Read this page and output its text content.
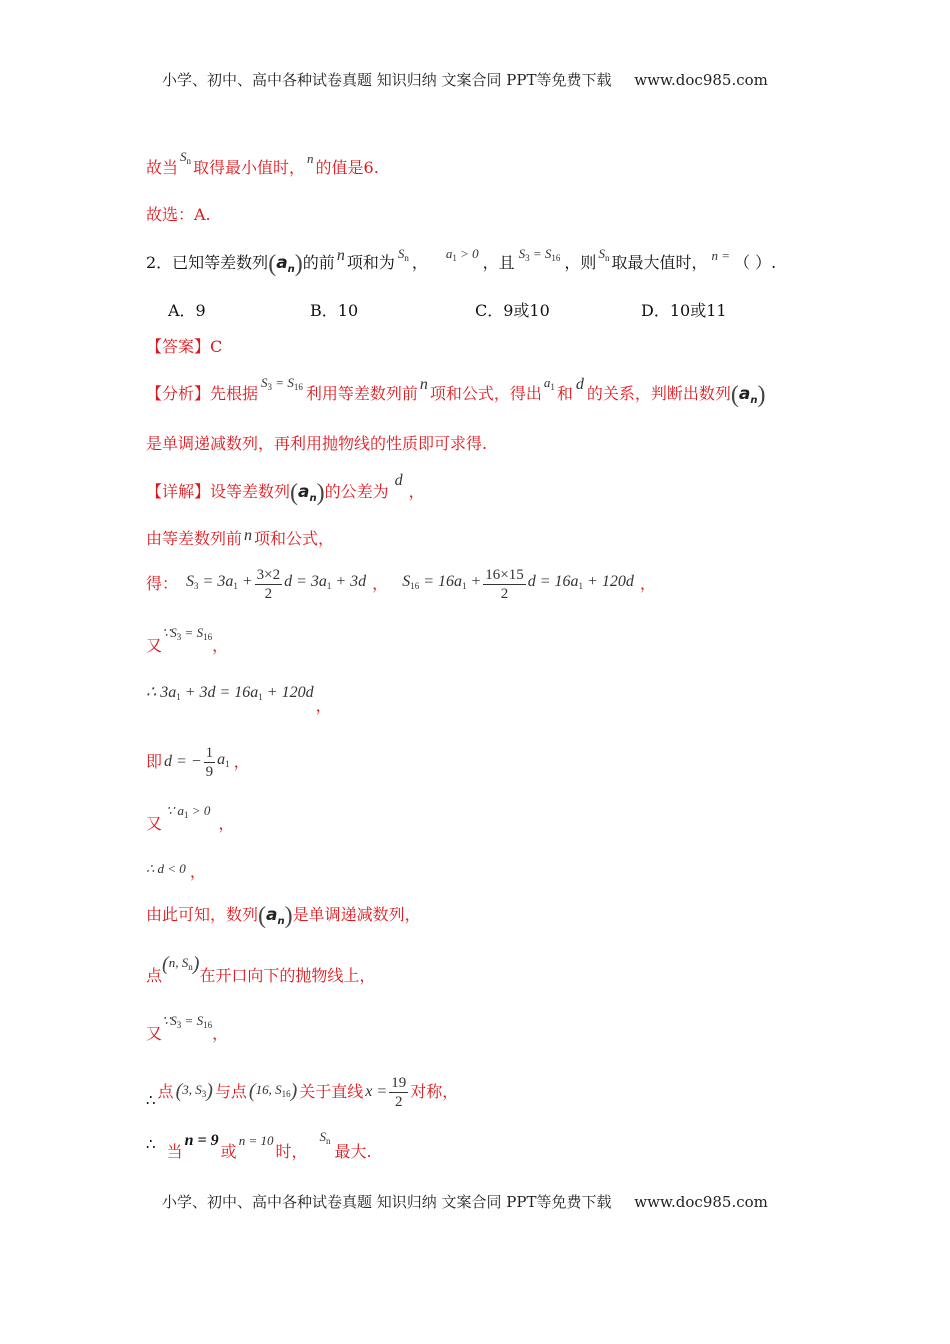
小学、初中、高中各种试卷真题 知识归纳 文案合同 PPT等免费下载 www.doc985.com
故当$^{S_n}$ 取得最小值时， $^n$ 的值是6.
故选：A.
2．已知等差数列$(a_n)$的前 n 项和为 $^{S_n}$ ， $^{a_1 > 0}$ ，且 $^{S_3 = S_{16}}$ ，则 $^{S_n}$ 取最大值时， $^{n =}$ （ ）.
A．9	B．10	C．9或10	D．10或11
【答案】C
【分析】先根据$^{S_3 = S_{16}}$ 利用等差数列前 n 项和公式，得出$^{a_1}$ 和 d 的关系，判断出数列$(a_n)$
是单调递减数列，再利用抛物线的性质即可求得.
【详解】设等差数列$(a_n)$的公差为d，
由等差数列前 n 项和公式，
得： $S_3 = 3a_1 + \frac{3\times 2}{2}$ $d = 3a_1 + 3d$ ， $S_{16} = 16a_1 + \frac{16\times 15}{2}$ $d = 16a_1 + 120d$ ，
又$\because S_3 = S_{16}$，
∴ $3a_1 + 3d = 16a_1 + 120d$，
即 d = − $\frac{1}{9} a_1$ ，
又∵ $a_1 > 0$，
∴ d < 0 ，
由此可知，数列$(a_n)$是单调递减数列，
点$^{(n, S_n)}$在开口向下的抛物线上，
又$\because S_3 = S_{16}$，
∴ 点 (3, $S_3$) 与点 (16, $S_{16}$) 关于直线 $x = \frac{19}{2}$ 对称，
∴ 当n = 9或n = 10时，$^{S_n}$最大.
小学、初中、高中各种试卷真题 知识归纳 文案合同 PPT等免费下载 www.doc985.com
